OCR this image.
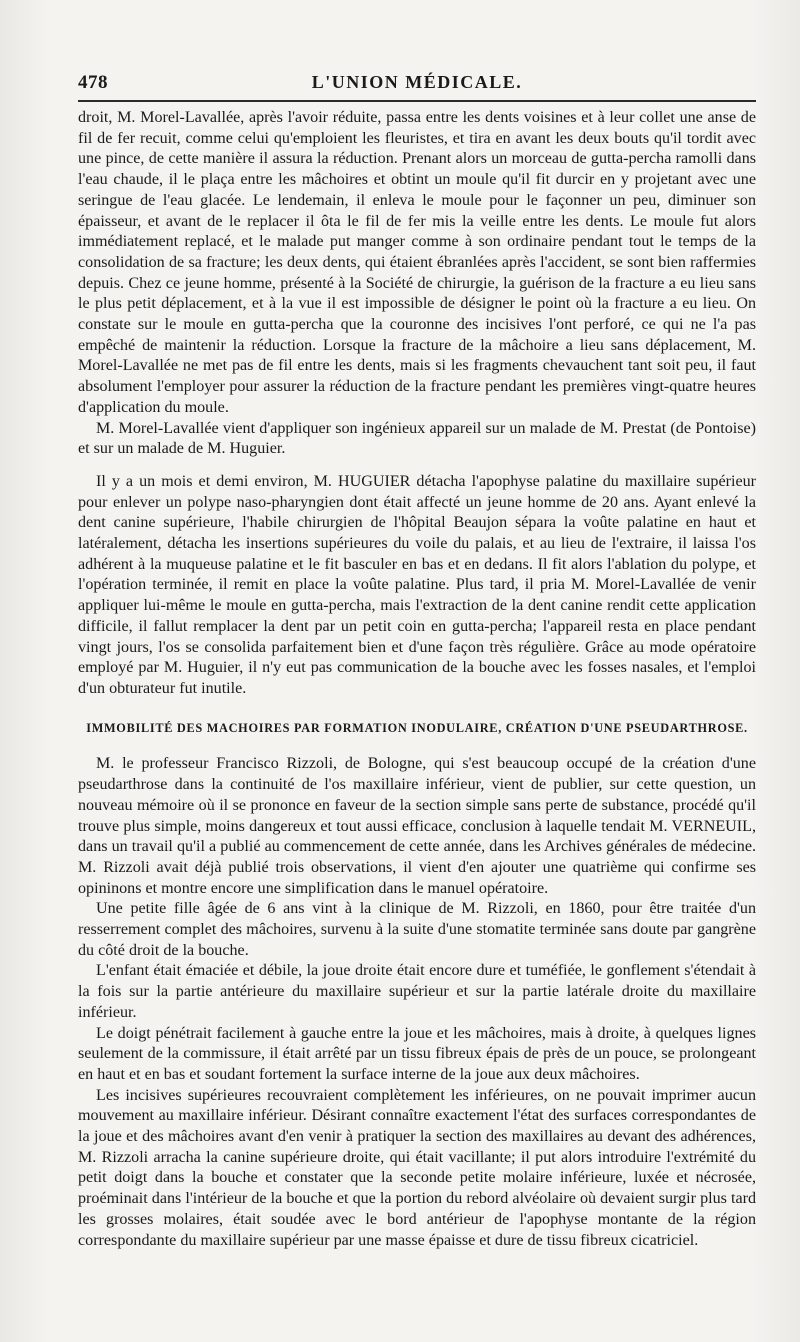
478	L'UNION MÉDICALE.

droit, M. Morel-Lavallée, après l'avoir réduite, passa entre les dents voisines et à leur collet une anse de fil de fer recuit, comme celui qu'emploient les fleuristes, et tira en avant les deux bouts qu'il tordit avec une pince, de cette manière il assura la réduction. Prenant alors un morceau de gutta-percha ramolli dans l'eau chaude, il le plaça entre les mâchoires et obtint un moule qu'il fit durcir en y projetant avec une seringue de l'eau glacée. Le lendemain, il enleva le moule pour le façonner un peu, diminuer son épaisseur, et avant de le replacer il ôta le fil de fer mis la veille entre les dents. Le moule fut alors immédiatement replacé, et le malade put manger comme à son ordinaire pendant tout le temps de la consolidation de sa fracture; les deux dents, qui étaient ébranlées après l'accident, se sont bien raffermies depuis. Chez ce jeune homme, présenté à la Société de chirurgie, la guérison de la fracture a eu lieu sans le plus petit déplacement, et à la vue il est impossible de désigner le point où la fracture a eu lieu. On constate sur le moule en gutta-percha que la couronne des incisives l'ont perforé, ce qui ne l'a pas empêché de maintenir la réduction. Lorsque la fracture de la mâchoire a lieu sans déplacement, M. Morel-Lavallée ne met pas de fil entre les dents, mais si les fragments chevauchent tant soit peu, il faut absolument l'employer pour assurer la réduction de la fracture pendant les premières vingt-quatre heures d'application du moule.

M. Morel-Lavallée vient d'appliquer son ingénieux appareil sur un malade de M. Prestat (de Pontoise) et sur un malade de M. Huguier.

Il y a un mois et demi environ, M. HUGUIER détacha l'apophyse palatine du maxillaire supérieur pour enlever un polype naso-pharyngien dont était affecté un jeune homme de 20 ans. Ayant enlevé la dent canine supérieure, l'habile chirurgien de l'hôpital Beaujon sépara la voûte palatine en haut et latéralement, détacha les insertions supérieures du voile du palais, et au lieu de l'extraire, il laissa l'os adhérent à la muqueuse palatine et le fit basculer en bas et en dedans. Il fit alors l'ablation du polype, et l'opération terminée, il remit en place la voûte palatine. Plus tard, il pria M. Morel-Lavallée de venir appliquer lui-même le moule en gutta-percha, mais l'extraction de la dent canine rendit cette application difficile, il fallut remplacer la dent par un petit coin en gutta-percha; l'appareil resta en place pendant vingt jours, l'os se consolida parfaitement bien et d'une façon très régulière. Grâce au mode opératoire employé par M. Huguier, il n'y eut pas communication de la bouche avec les fosses nasales, et l'emploi d'un obturateur fut inutile.

IMMOBILITÉ DES MACHOIRES PAR FORMATION INODULAIRE, CRÉATION D'UNE PSEUDARTHROSE.

M. le professeur Francisco Rizzoli, de Bologne, qui s'est beaucoup occupé de la création d'une pseudarthrose dans la continuité de l'os maxillaire inférieur, vient de publier, sur cette question, un nouveau mémoire où il se prononce en faveur de la section simple sans perte de substance, procédé qu'il trouve plus simple, moins dangereux et tout aussi efficace, conclusion à laquelle tendait M. VERNEUIL, dans un travail qu'il a publié au commencement de cette année, dans les Archives générales de médecine. M. Rizzoli avait déjà publié trois observations, il vient d'en ajouter une quatrième qui confirme ses opininons et montre encore une simplification dans le manuel opératoire.

Une petite fille âgée de 6 ans vint à la clinique de M. Rizzoli, en 1860, pour être traitée d'un resserrement complet des mâchoires, survenu à la suite d'une stomatite terminée sans doute par gangrène du côté droit de la bouche.

L'enfant était émaciée et débile, la joue droite était encore dure et tuméfiée, le gonflement s'étendait à la fois sur la partie antérieure du maxillaire supérieur et sur la partie latérale droite du maxillaire inférieur.

Le doigt pénétrait facilement à gauche entre la joue et les mâchoires, mais à droite, à quelques lignes seulement de la commissure, il était arrêté par un tissu fibreux épais de près de un pouce, se prolongeant en haut et en bas et soudant fortement la surface interne de la joue aux deux mâchoires.

Les incisives supérieures recouvraient complètement les inférieures, on ne pouvait imprimer aucun mouvement au maxillaire inférieur. Désirant connaître exactement l'état des surfaces correspondantes de la joue et des mâchoires avant d'en venir à pratiquer la section des maxillaires au devant des adhérences, M. Rizzoli arracha la canine supérieure droite, qui était vacillante; il put alors introduire l'extrémité du petit doigt dans la bouche et constater que la seconde petite molaire inférieure, luxée et nécrosée, proéminait dans l'intérieur de la bouche et que la portion du rebord alvéolaire où devaient surgir plus tard les grosses molaires, était soudée avec le bord antérieur de l'apophyse montante de la région correspondante du maxillaire supérieur par une masse épaisse et dure de tissu fibreux cicatriciel.
